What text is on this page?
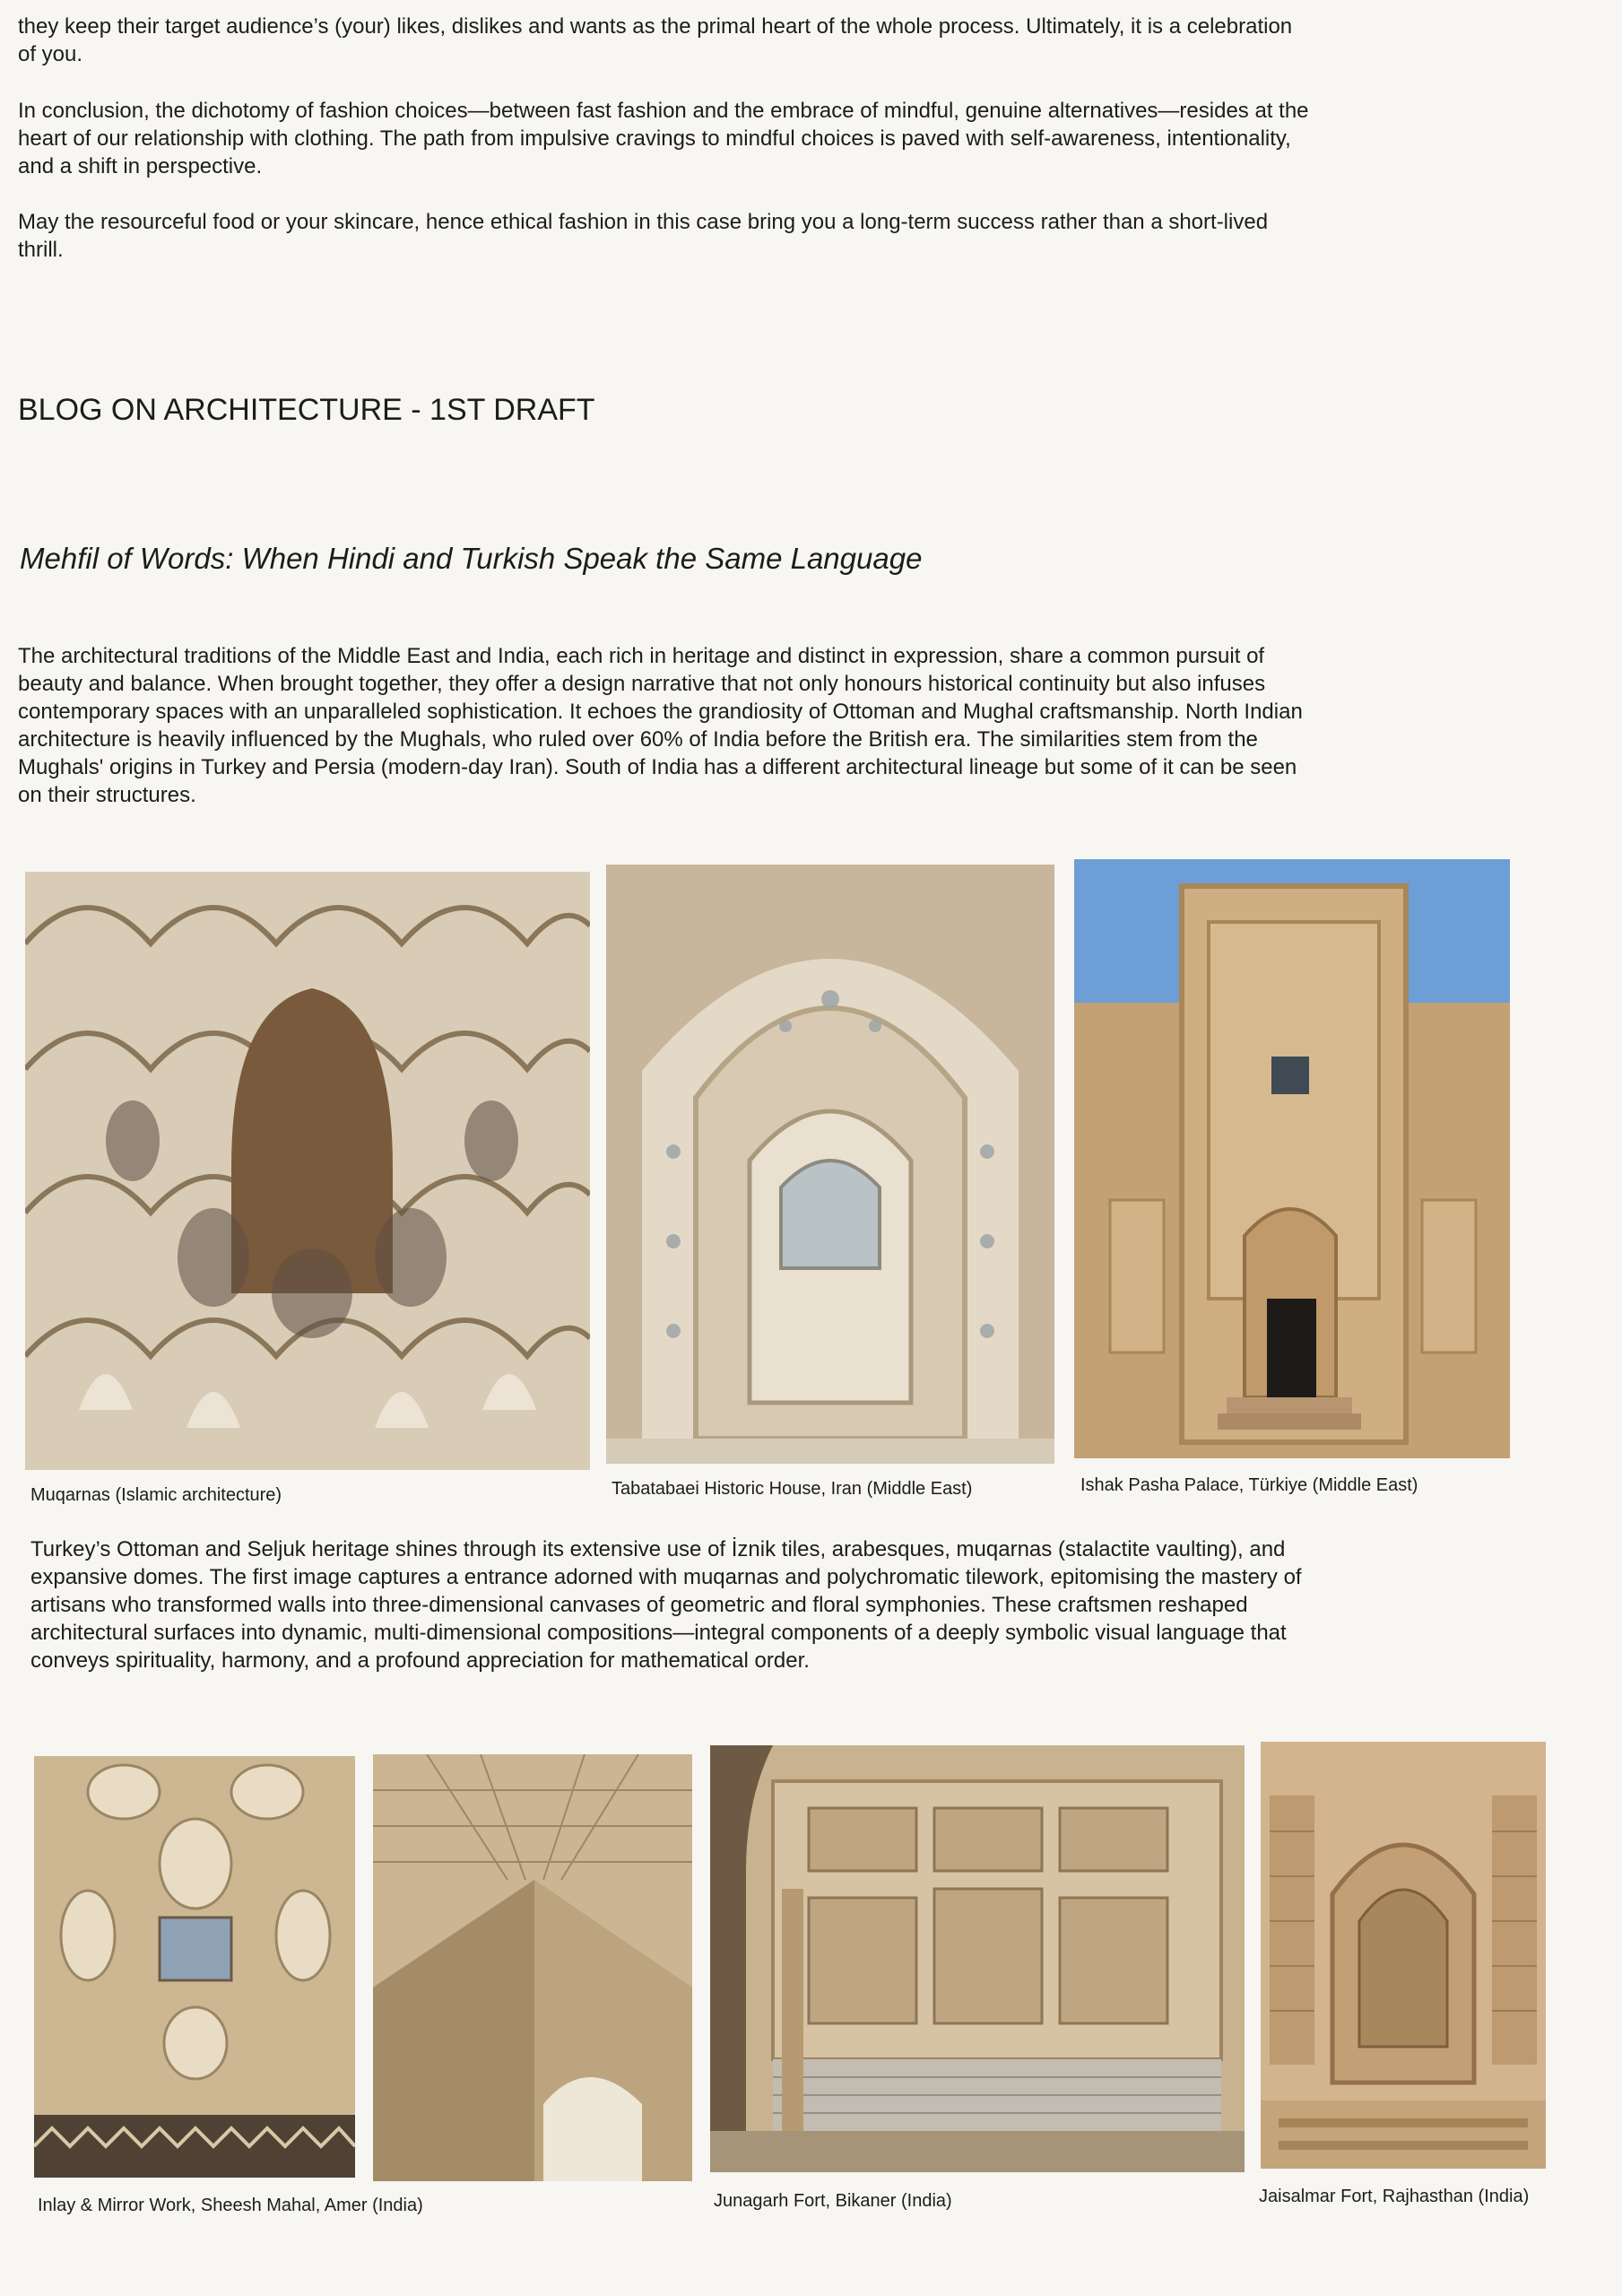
they keep their target audience’s (your) likes, dislikes and wants as the primal heart of the whole process. Ultimately, it is a celebration of you.

In conclusion, the dichotomy of fashion choices—between fast fashion and the embrace of mindful, genuine alternatives—resides at the heart of our relationship with clothing. The path from impulsive cravings to mindful choices is paved with self-awareness, intentionality, and a shift in perspective.

May the resourceful food or your skincare, hence ethical fashion in this case bring you a long-term success rather than a short-lived thrill.

BLOG ON ARCHITECTURE - 1ST DRAFT
Mehfil of Words: When Hindi and Turkish Speak the Same Language

The architectural traditions of the Middle East and India, each rich in heritage and distinct in expression, share a common pursuit of beauty and balance. When brought together, they offer a design narrative that not only honours historical continuity but also infuses contemporary spaces with an unparalleled sophistication. It echoes the grandiosity of Ottoman and Mughal craftsmanship. North Indian architecture is heavily influenced by the Mughals, who ruled over 60% of India before the British era. The similarities stem from the Mughals' origins in Turkey and Persia (modern-day Iran). South of India has a different architectural lineage but some of it can be seen on their structures.

Muqarnas (Islamic architecture)	Tabatabaei Historic House, Iran (Middle East)	Ishak Pasha Palace, Türkiye (Middle East)

Turkey’s Ottoman and Seljuk heritage shines through its extensive use of İznik tiles, arabesques, muqarnas (stalactite vaulting), and expansive domes. The first image captures a entrance adorned with muqarnas and polychromatic tilework, epitomising the mastery of artisans who transformed walls into three-dimensional canvases of geometric and floral symphonies. These craftsmen reshaped architectural surfaces into dynamic, multi-dimensional compositions—integral components of a deeply symbolic visual language that conveys spirituality, harmony, and a profound appreciation for mathematical order.

Inlay & Mirror Work, Sheesh Mahal, Amer (India)	Junagarh Fort, Bikaner (India)	Jaisalmar Fort, Rajhasthan (India)
